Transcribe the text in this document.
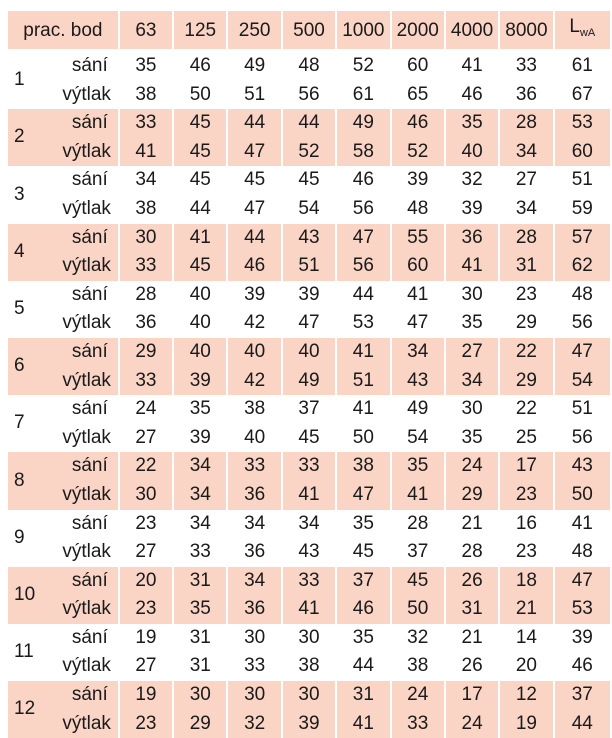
prac. bod		63	125	250	500	1000	2000	4000	8000	$L_{wA}$

1	sání	35	46	49	48	52	60	41	33	61
	výtlak	38	50	51	56	61	65	46	36	67
2	sání	33	45	44	44	49	46	35	28	53
	výtlak	41	45	47	52	58	52	40	34	60
3	sání	34	45	45	45	46	39	32	27	51
	výtlak	38	44	47	54	56	48	39	34	59
4	sání	30	41	44	43	47	55	36	28	57
	výtlak	33	45	46	51	56	60	41	31	62
5	sání	28	40	39	39	44	41	30	23	48
	výtlak	36	40	42	47	53	47	35	29	56
6	sání	29	40	40	40	41	34	27	22	47
	výtlak	33	39	42	49	51	43	34	29	54
7	sání	24	35	38	37	41	49	30	22	51
	výtlak	27	39	40	45	50	54	35	25	56
8	sání	22	34	33	33	38	35	24	17	43
	výtlak	30	34	36	41	47	41	29	23	50
9	sání	23	34	34	34	35	28	21	16	41
	výtlak	27	33	36	43	45	37	28	23	48
10	sání	20	31	34	33	37	45	26	18	47
	výtlak	23	35	36	41	46	50	31	21	53
11	sání	19	31	30	30	35	32	21	14	39
	výtlak	27	31	33	38	44	38	26	20	46
12	sání	19	30	30	30	31	24	17	12	37
	výtlak	23	29	32	39	41	33	24	19	44
